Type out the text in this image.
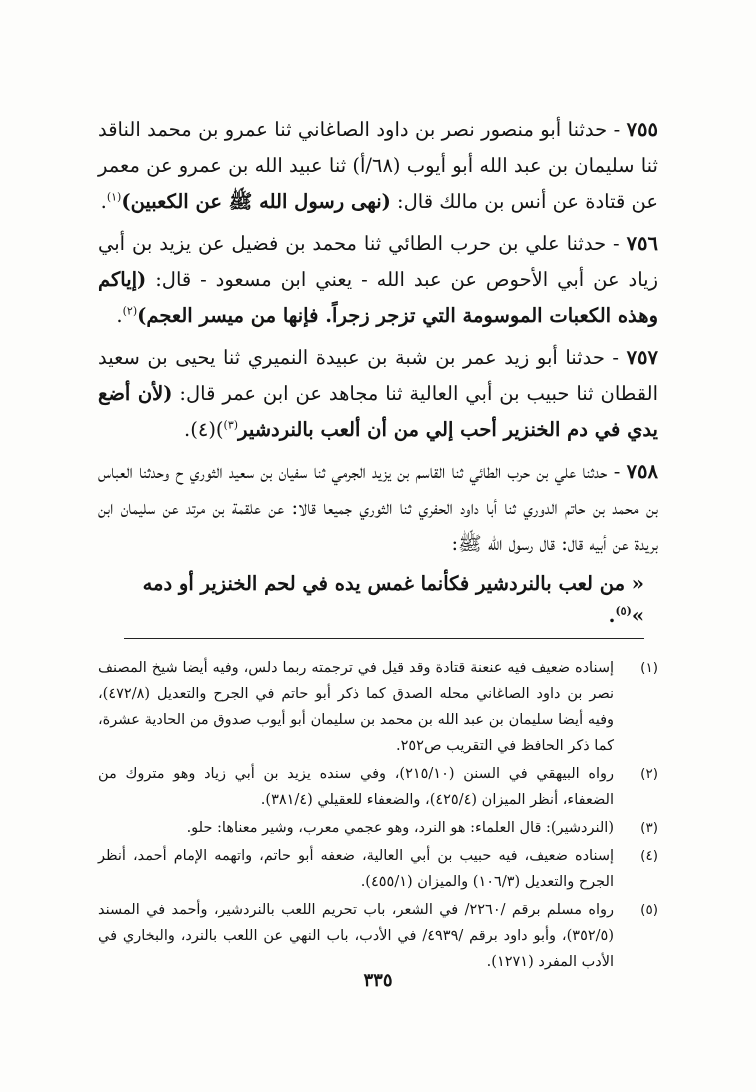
٧٥٥ - حدثنا أبو منصور نصر بن داود الصاغاني ثنا عمرو بن محمد الناقد ثنا سليمان بن عبد الله أبو أيوب (٦٨/أ) ثنا عبيد الله بن عمرو عن معمر عن قتادة عن أنس بن مالك قال: (نهى رسول الله ﷺ عن الكعبين)$^{(١)}$.

٧٥٦ - حدثنا علي بن حرب الطائي ثنا محمد بن فضيل عن يزيد بن أبي زياد عن أبي الأحوص عن عبد الله - يعني ابن مسعود - قال: (إياكم وهذه الكعبات الموسومة التي تزجر زجراً. فإنها من ميسر العجم)$^{(٢)}$.

٧٥٧ - حدثنا أبو زيد عمر بن شبة بن عبيدة النميري ثنا يحيى بن سعيد القطان ثنا حبيب بن أبي العالية ثنا مجاهد عن ابن عمر قال: (لأن أضع يدي في دم الخنزير أحب إلي من أن ألعب بالنردشير$^{(٣)}$)(٤).

٧٥٨ - حدثنا علي بن حرب الطائي ثنا القاسم بن يزيد الجرمي ثنا سفيان بن سعيد الثوري ح وحدثنا العباس بن محمد بن حاتم الدوري ثنا أبا داود الحفري ثنا الثوري جميعا قالا: عن علقمة بن مرتد عن سليمان ابن بريدة عن أبيه قال: قال رسول الله ﷺ:

« من لعب بالنردشير فكأنما غمس يده في لحم الخنزير أو دمه »$^{(٥)}$.
(١)
إسناده ضعيف فيه عنعنة قتادة وقد قيل في ترجمته ربما دلس، وفيه أيضا شيخ المصنف نصر بن داود الصاغاني محله الصدق كما ذكر أبو حاتم في الجرح والتعديل (٤٧٢/٨)، وفيه أيضا سليمان بن عبد الله بن محمد بن سليمان أبو أيوب صدوق من الحادية عشرة، كما ذكر الحافظ في التقريب ص٢٥٢.
(٢)
رواه البيهقي في السنن (٢١٥/١٠)، وفي سنده يزيد بن أبي زياد وهو متروك من الضعفاء، أنظر الميزان (٤٢٥/٤)، والضعفاء للعقيلي (٣٨١/٤).
(٣)
(النردشير): قال العلماء: هو النرد، وهو عجمي معرب، وشير معناها: حلو.
(٤)
إسناده ضعيف، فيه حبيب بن أبي العالية، ضعفه أبو حاتم، واتهمه الإمام أحمد، أنظر الجرح والتعديل (١٠٦/٣) والميزان (٤٥٥/١).
(٥)
رواه مسلم برقم /٢٢٦٠/ في الشعر، باب تحريم اللعب بالنردشير، وأحمد في المسند (٣٥٢/٥)، وأبو داود برقم /٤٩٣٩/ في الأدب، باب النهي عن اللعب بالنرد، والبخاري في الأدب المفرد (١٢٧١).
٣٣٥
